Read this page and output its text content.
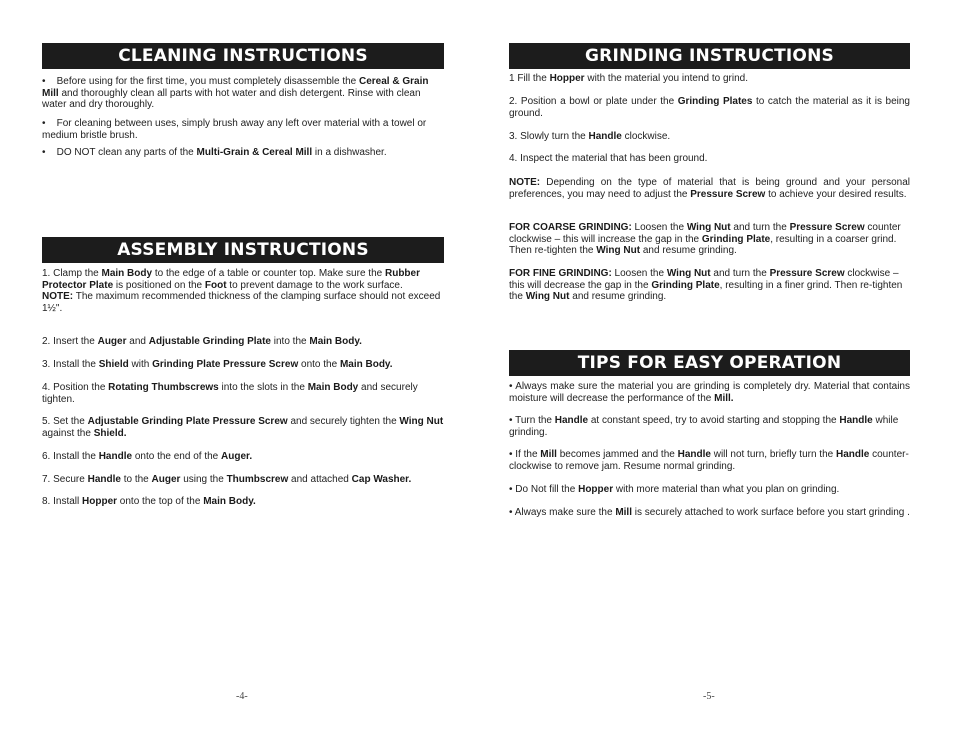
CLEANING INSTRUCTIONS

• Before using for the first time, you must completely disassemble the Cereal & Grain Mill and thoroughly clean all parts with hot water and dish detergent. Rinse with clean water and dry thoroughly.

• For cleaning between uses, simply brush away any left over material with a towel or medium bristle brush.

• DO NOT clean any parts of the Multi-Grain & Cereal Mill in a dishwasher.

ASSEMBLY INSTRUCTIONS

1. Clamp the Main Body to the edge of a table or counter top. Make sure the Rubber Protector Plate is positioned on the Foot to prevent damage to the work surface.

NOTE: The maximum recommended thickness of the clamping surface should not exceed 1½".

2. Insert the Auger and Adjustable Grinding Plate into the Main Body.

3. Install the Shield with Grinding Plate Pressure Screw onto the Main Body.

4. Position the Rotating Thumbscrews into the slots in the Main Body and securely tighten.

5. Set the Adjustable Grinding Plate Pressure Screw and securely tighten the Wing Nut against the Shield.

6. Install the Handle onto the end of the Auger.

7. Secure Handle to the Auger using the Thumbscrew and attached Cap Washer.

8. Install Hopper onto the top of the Main Body.

GRINDING INSTRUCTIONS

1 Fill the Hopper with the material you intend to grind.

2. Position a bowl or plate under the Grinding Plates to catch the material as it is being ground.

3. Slowly turn the Handle clockwise.

4. Inspect the material that has been ground.

NOTE: Depending on the type of material that is being ground and your personal preferences, you may need to adjust the Pressure Screw to achieve your desired results.

FOR COARSE GRINDING: Loosen the Wing Nut and turn the Pressure Screw counter clockwise – this will increase the gap in the Grinding Plate, resulting in a coarser grind. Then re-tighten the Wing Nut and resume grinding.

FOR FINE GRINDING: Loosen the Wing Nut and turn the Pressure Screw clockwise – this will decrease the gap in the Grinding Plate, resulting in a finer grind. Then re-tighten the Wing Nut and resume grinding.

TIPS FOR EASY OPERATION

• Always make sure the material you are grinding is completely dry. Material that contains moisture will decrease the performance of the Mill.

• Turn the Handle at constant speed, try to avoid starting and stopping the Handle while grinding.

• If the Mill becomes jammed and the Handle will not turn, briefly turn the Handle counter-clockwise to remove jam. Resume normal grinding.

• Do Not fill the Hopper with more material than what you plan on grinding.

• Always make sure the Mill is securely attached to work surface before you start grinding .

-4-	-5-
